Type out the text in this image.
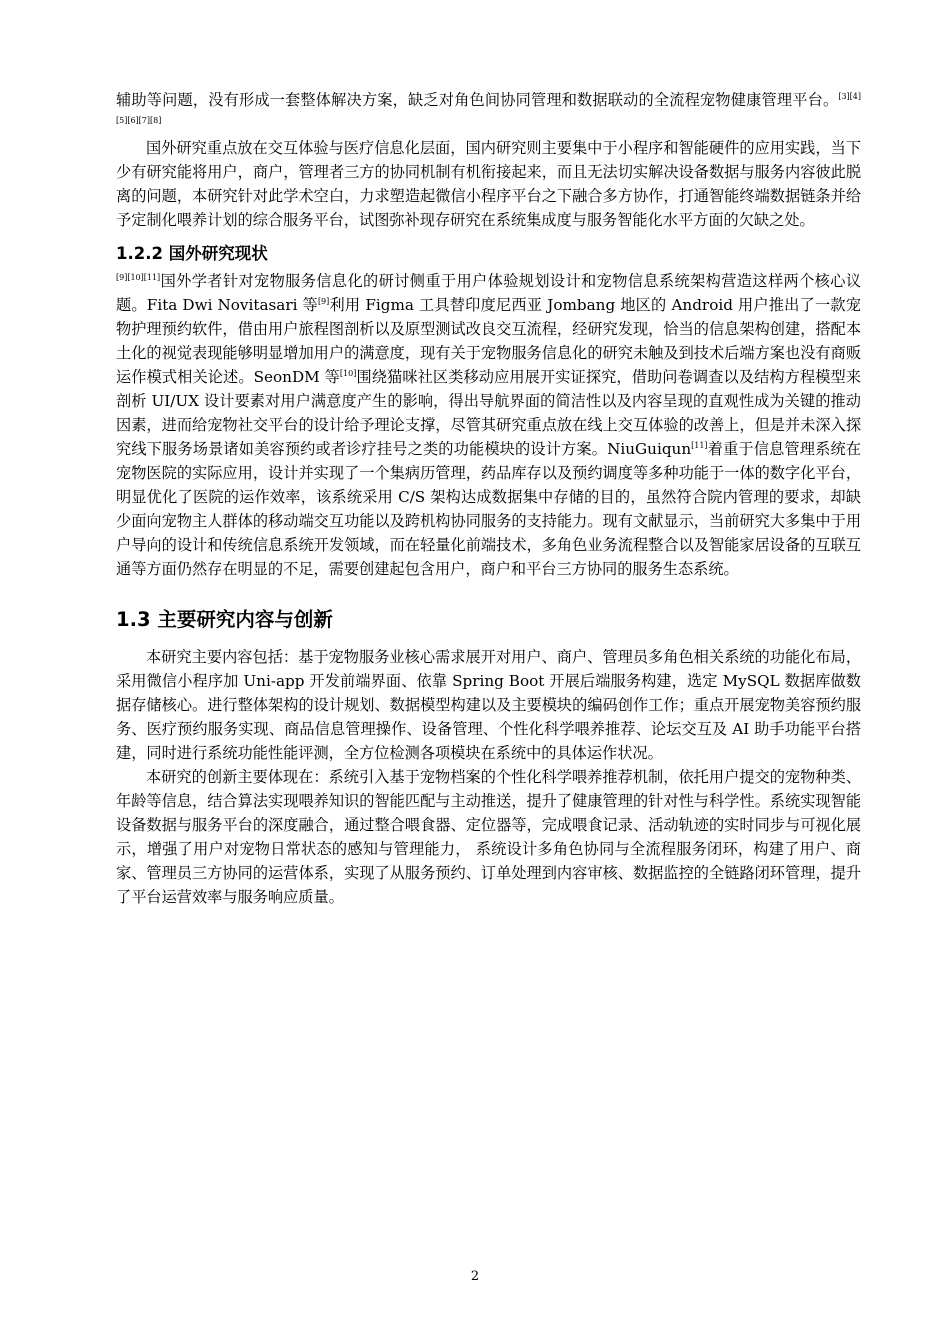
辅助等问题，没有形成一套整体解决方案，缺乏对角色间协同管理和数据联动的全流程宠物健康管理平台。[3][4][5][6][7][8]

国外研究重点放在交互体验与医疗信息化层面，国内研究则主要集中于小程序和智能硬件的应用实践，当下少有研究能将用户，商户，管理者三方的协同机制有机衔接起来，而且无法切实解决设备数据与服务内容彼此脱离的问题，本研究针对此学术空白，力求塑造起微信小程序平台之下融合多方协作，打通智能终端数据链条并给予定制化喂养计划的综合服务平台，试图弥补现存研究在系统集成度与服务智能化水平方面的欠缺之处。

1.2.2 国外研究现状

[9][10][11]国外学者针对宠物服务信息化的研讨侧重于用户体验规划设计和宠物信息系统架构营造这样两个核心议题。Fita Dwi Novitasari 等[9]利用 Figma 工具替印度尼西亚 Jombang 地区的 Android 用户推出了一款宠物护理预约软件，借由用户旅程图剖析以及原型测试改良交互流程，经研究发现，恰当的信息架构创建，搭配本土化的视觉表现能够明显增加用户的满意度，现有关于宠物服务信息化的研究未触及到技术后端方案也没有商贩运作模式相关论述。SeonDM 等[10]围绕猫咪社区类移动应用展开实证探究，借助问卷调查以及结构方程模型来剖析 UI/UX 设计要素对用户满意度产生的影响，得出导航界面的简洁性以及内容呈现的直观性成为关键的推动因素，进而给宠物社交平台的设计给予理论支撑，尽管其研究重点放在线上交互体验的改善上，但是并未深入探究线下服务场景诸如美容预约或者诊疗挂号之类的功能模块的设计方案。NiuGuiqun[11]着重于信息管理系统在宠物医院的实际应用，设计并实现了一个集病历管理，药品库存以及预约调度等多种功能于一体的数字化平台，明显优化了医院的运作效率，该系统采用 C/S 架构达成数据集中存储的目的，虽然符合院内管理的要求，却缺少面向宠物主人群体的移动端交互功能以及跨机构协同服务的支持能力。现有文献显示，当前研究大多集中于用户导向的设计和传统信息系统开发领域，而在轻量化前端技术，多角色业务流程整合以及智能家居设备的互联互通等方面仍然存在明显的不足，需要创建起包含用户，商户和平台三方协同的服务生态系统。

1.3 主要研究内容与创新

本研究主要内容包括：基于宠物服务业核心需求展开对用户、商户、管理员多角色相关系统的功能化布局，采用微信小程序加 Uni-app 开发前端界面、依靠 Spring Boot 开展后端服务构建，选定 MySQL 数据库做数据存储核心。进行整体架构的设计规划、数据模型构建以及主要模块的编码创作工作；重点开展宠物美容预约服务、医疗预约服务实现、商品信息管理操作、设备管理、个性化科学喂养推荐、论坛交互及 AI 助手功能平台搭建，同时进行系统功能性能评测，全方位检测各项模块在系统中的具体运作状况。

本研究的创新主要体现在：系统引入基于宠物档案的个性化科学喂养推荐机制，依托用户提交的宠物种类、年龄等信息，结合算法实现喂养知识的智能匹配与主动推送，提升了健康管理的针对性与科学性。系统实现智能设备数据与服务平台的深度融合，通过整合喂食器、定位器等，完成喂食记录、活动轨迹的实时同步与可视化展示，增强了用户对宠物日常状态的感知与管理能力， 系统设计多角色协同与全流程服务闭环，构建了用户、商家、管理员三方协同的运营体系，实现了从服务预约、订单处理到内容审核、数据监控的全链路闭环管理，提升了平台运营效率与服务响应质量。

2
